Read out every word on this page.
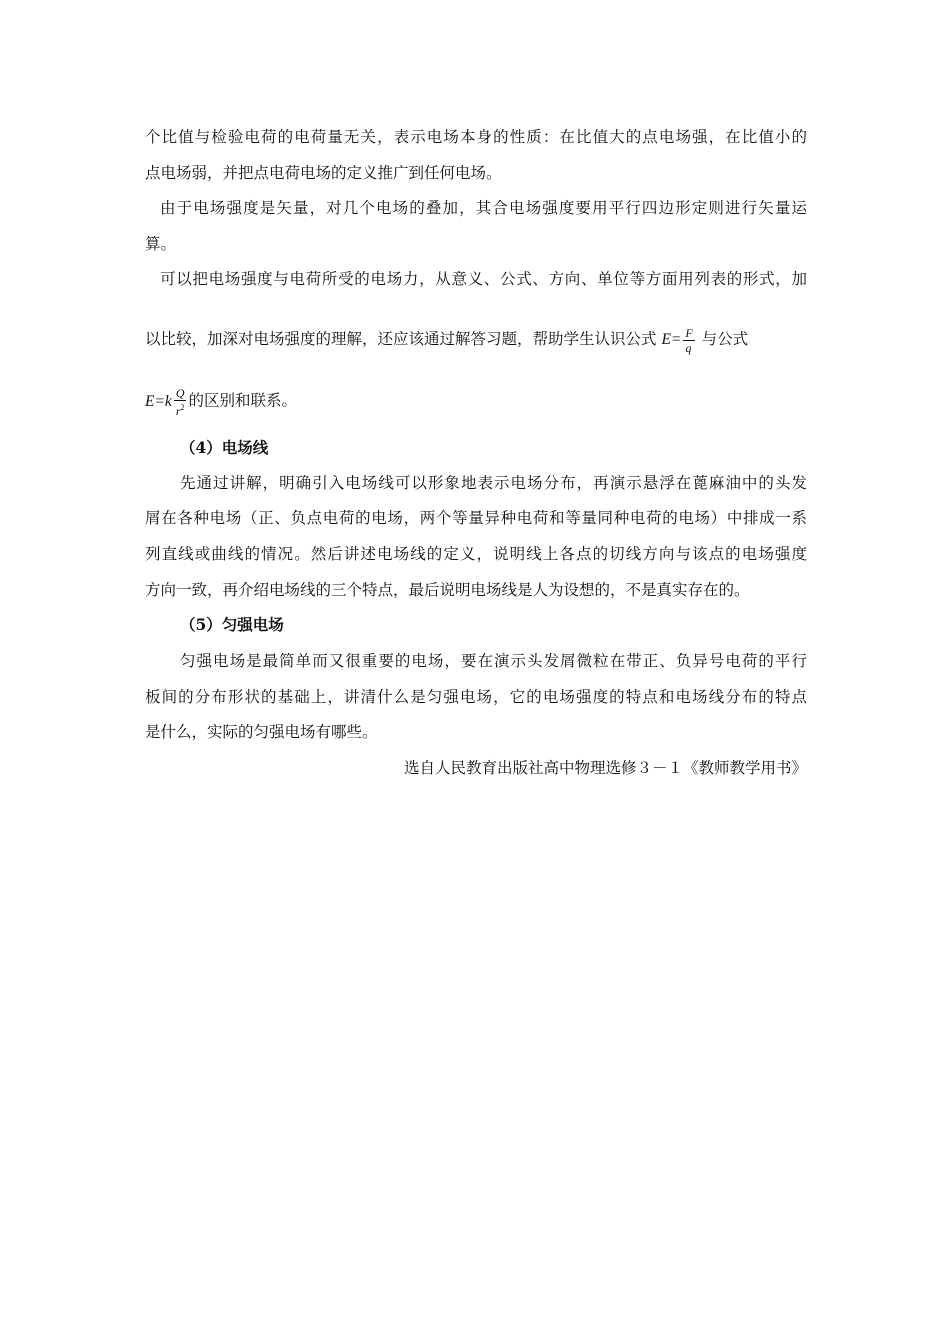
个比值与检验电荷的电荷量无关，表示电场本身的性质：在比值大的点电场强，在比值小的
点电场弱，并把点电荷电场的定义推广到任何电场。
由于电场强度是矢量，对几个电场的叠加，其合电场强度要用平行四边形定则进行矢量运
算。
可以把电场强度与电荷所受的电场力，从意义、公式、方向、单位等方面用列表的形式，加
以比较，加深对电场强度的理解，还应该通过解答习题，帮助学生认识公式 $E= \frac{F}{q}$ 与公式
$E=k \frac{Q}{r^2}$ 的区别和联系。
（4）电场线
先通过讲解，明确引入电场线可以形象地表示电场分布，再演示悬浮在蓖麻油中的头发
屑在各种电场（正、负点电荷的电场，两个等量异种电荷和等量同种电荷的电场）中排成一系
列直线或曲线的情况。然后讲述电场线的定义，说明线上各点的切线方向与该点的电场强度
方向一致，再介绍电场线的三个特点，最后说明电场线是人为设想的，不是真实存在的。
（5）匀强电场
匀强电场是最简单而又很重要的电场，要在演示头发屑微粒在带正、负异号电荷的平行
板间的分布形状的基础上，讲清什么是匀强电场，它的电场强度的特点和电场线分布的特点
是什么，实际的匀强电场有哪些。
选自人民教育出版社高中物理选修３－１《教师教学用书》
